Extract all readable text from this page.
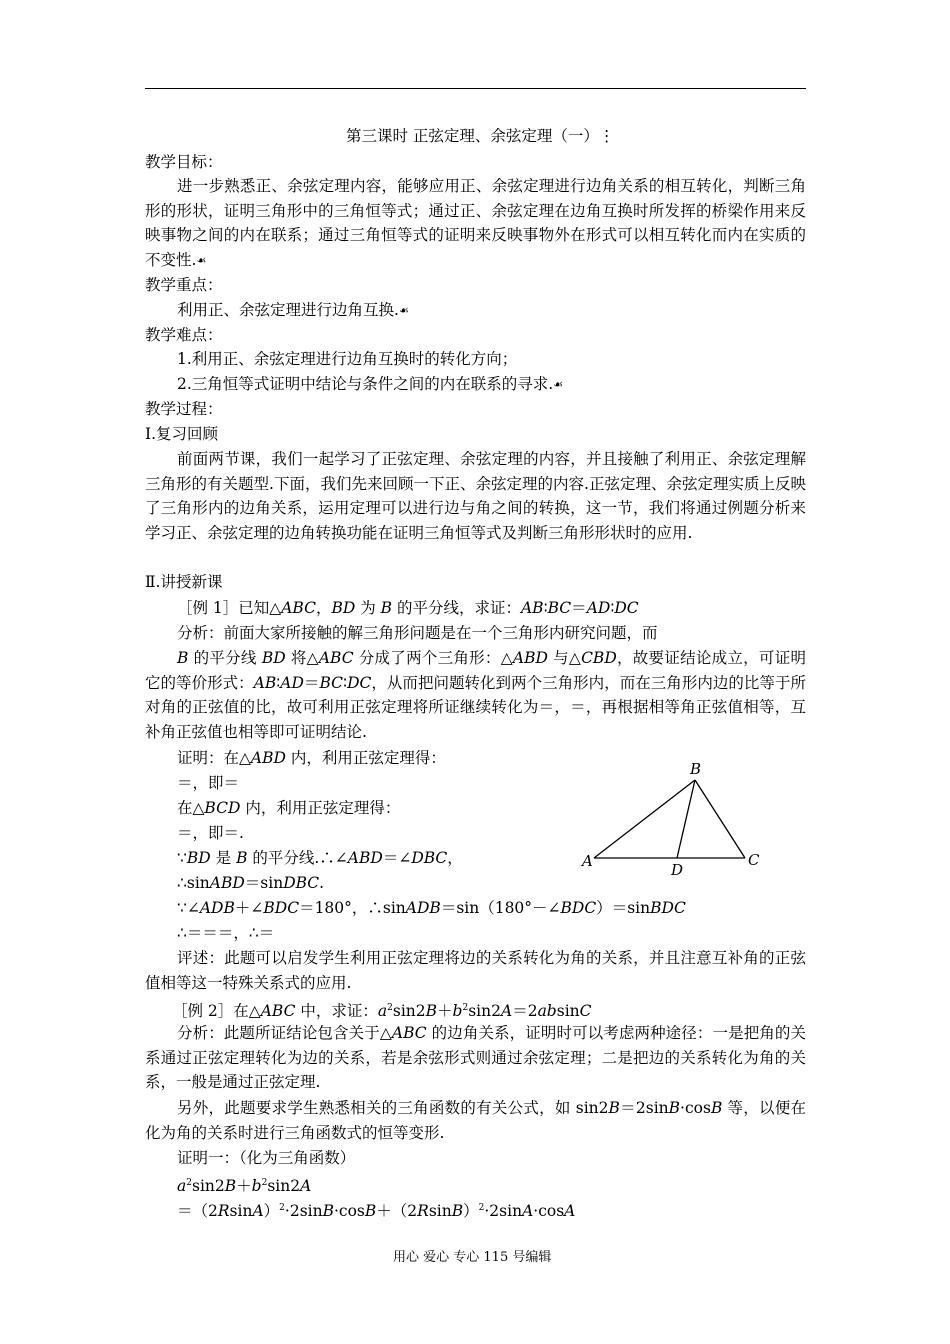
第三课时 正弦定理、余弦定理（一）⋮
教学目标：
进一步熟悉正、余弦定理内容，能够应用正、余弦定理进行边角关系的相互转化，判断三角形的形状，证明三角形中的三角恒等式；通过正、余弦定理在边角互换时所发挥的桥梁作用来反映事物之间的内在联系；通过三角恒等式的证明来反映事物外在形式可以相互转化而内在实质的不变性.☙
教学重点：
利用正、余弦定理进行边角互换.☙
教学难点：
1.利用正、余弦定理进行边角互换时的转化方向；
2.三角恒等式证明中结论与条件之间的内在联系的寻求.☙
教学过程：
Ⅰ.复习回顾
前面两节课，我们一起学习了正弦定理、余弦定理的内容，并且接触了利用正、余弦定理解三角形的有关题型.下面，我们先来回顾一下正、余弦定理的内容.正弦定理、余弦定理实质上反映了三角形内的边角关系，运用定理可以进行边与角之间的转换，这一节，我们将通过例题分析来学习正、余弦定理的边角转换功能在证明三角恒等式及判断三角形形状时的应用.
Ⅱ.讲授新课
［例 1］已知△ABC，BD 为 B 的平分线，求证：AB∶BC＝AD∶DC
分析：前面大家所接触的解三角形问题是在一个三角形内研究问题，而
B 的平分线 BD 将△ABC 分成了两个三角形：△ABD 与△CBD，故要证结论成立，可证明它的等价形式：AB∶AD＝BC∶DC，从而把问题转化到两个三角形内，而在三角形内边的比等于所对角的正弦值的比，故可利用正弦定理将所证继续转化为＝，＝，再根据相等角正弦值相等，互补角正弦值也相等即可证明结论.
证明：在△ABD 内，利用正弦定理得：
＝，即＝
在△BCD 内，利用正弦定理得：
＝，即＝.
∵BD 是 B 的平分线.∴∠ABD＝∠DBC，
∴sinABD＝sinDBC.
∵∠ADB＋∠BDC＝180°，∴sinADB＝sin（180°－∠BDC）＝sinBDC
∴＝＝＝，∴＝
B
A	C
D
评述：此题可以启发学生利用正弦定理将边的关系转化为角的关系，并且注意互补角的正弦值相等这一特殊关系式的应用.
［例 2］在△ABC 中，求证：$a^2\sin 2B+b^2\sin 2A=2absinC$
分析：此题所证结论包含关于△ABC 的边角关系，证明时可以考虑两种途径：一是把角的关系通过正弦定理转化为边的关系，若是余弦形式则通过余弦定理；二是把边的关系转化为角的关系，一般是通过正弦定理.
另外，此题要求学生熟悉相关的三角函数的有关公式，如 sin2B＝2sinB·cosB 等，以便在化为角的关系时进行三角函数式的恒等变形.
证明一：（化为三角函数）
$a^2\sin 2B+b^2\sin 2A$
$=(2RsinA)^2\cdot 2\sin B\cdot\cos B+(2RsinB)^2\cdot 2\sin A\cdot\cos A$
用心 爱心 专心 115 号编辑
